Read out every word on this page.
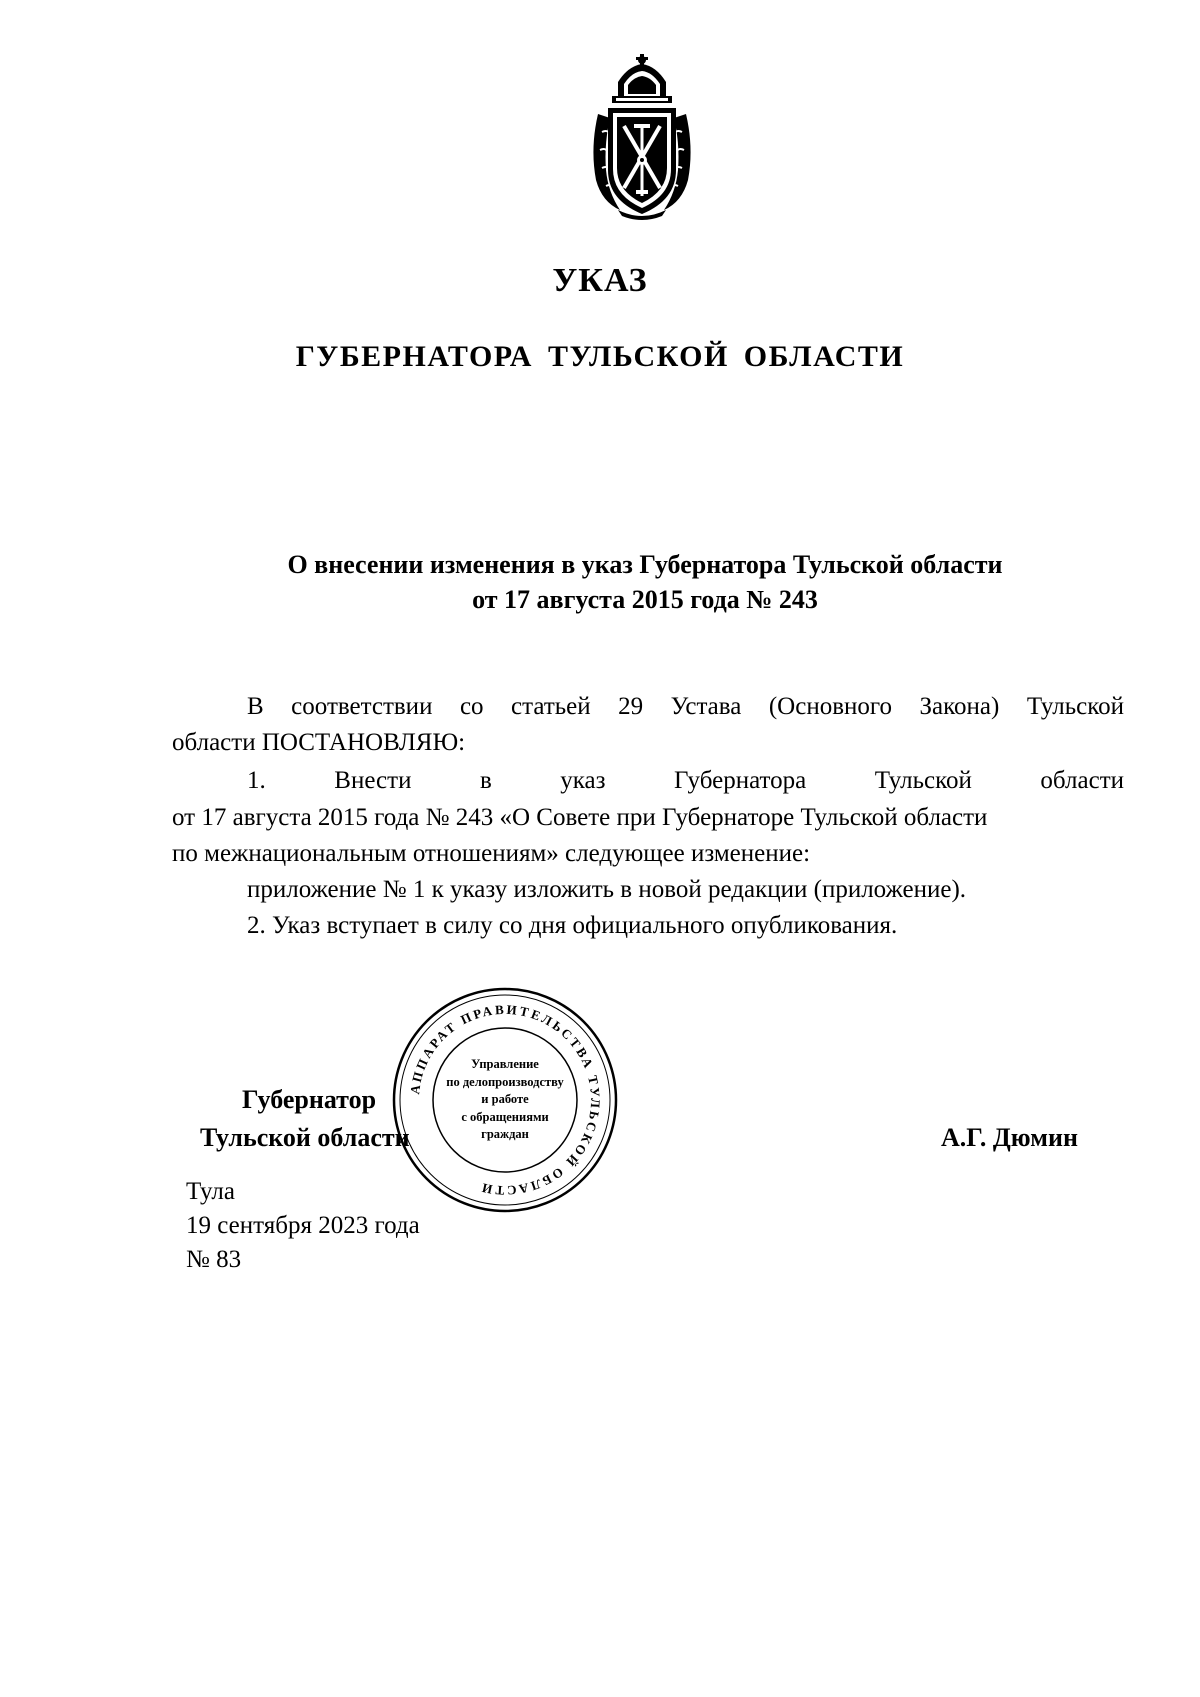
УКАЗ
ГУБЕРНАТОРА ТУЛЬСКОЙ ОБЛАСТИ
О внесении изменения в указ Губернатора Тульской области
от 17 августа 2015 года № 243
В соответствии со статьей 29 Устава (Основного Закона) Тульской
области ПОСТАНОВЛЯЮ:
1. Внести в указ Губернатора Тульской области
от 17 августа 2015 года № 243 «О Совете при Губернаторе Тульской области
по межнациональным отношениям» следующее изменение:
приложение № 1 к указу изложить в новой редакции (приложение).
2. Указ вступает в силу со дня официального опубликования.
Губернатор
Тульской области	А.Г. Дюмин
Тула
19 сентября 2023 года
№ 83
АППАРАТ ПРАВИТЕЛЬСТВА ТУЛЬСКОЙ ОБЛАСТИ
Управление
по делопроизводству
и работе
с обращениями
граждан
